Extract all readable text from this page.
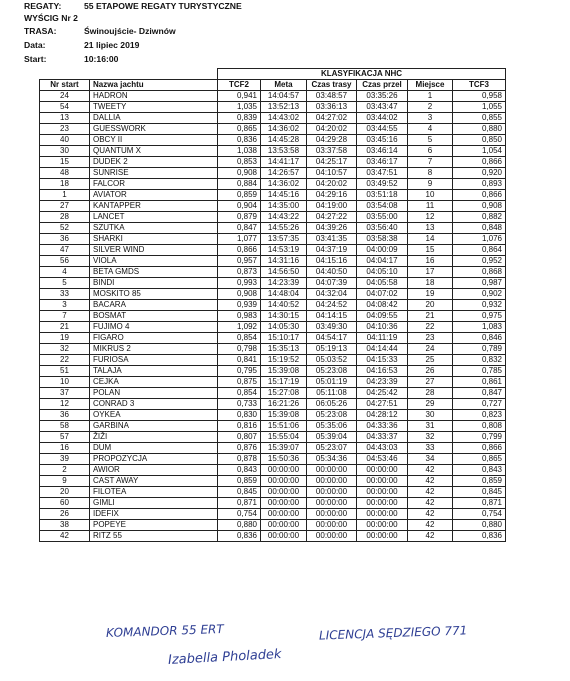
REGATY:	55 ETAPOWE REGATY TURYSTYCZNE
WYŚCIG Nr 2
TRASA:	Świnoujście- Dziwnów
Data:	21 lipiec 2019
Start:	10:16:00
		KLASYFIKACJA NHC					
Nr start	Nazwa jachtu	TCF2	Meta	Czas trasy	Czas przel	Miejsce	TCF3
24	HADRON	0,941	14:04:57	03:48:57	03:35:26	1	0,958
54	TWEETY	1,035	13:52:13	03:36:13	03:43:47	2	1,055
13	DALLIA	0,839	14:43:02	04:27:02	03:44:02	3	0,855
23	GUESSWORK	0,865	14:36:02	04:20:02	03:44:55	4	0,880
40	OBCY II	0,836	14:45:28	04:29:28	03:45:16	5	0,850
30	QUANTUM X	1,038	13:53:58	03:37:58	03:46:14	6	1,054
15	DUDEK 2	0,853	14:41:17	04:25:17	03:46:17	7	0,866
48	SUNRISE	0,908	14:26:57	04:10:57	03:47:51	8	0,920
18	FALCOR	0,884	14:36:02	04:20:02	03:49:52	9	0,893
1	AVIATOR	0,859	14:45:16	04:29:16	03:51:18	10	0,866
27	KANTAPPER	0,904	14:35:00	04:19:00	03:54:08	11	0,908
28	LANCET	0,879	14:43:22	04:27:22	03:55:00	12	0,882
52	SZUTKA	0,847	14:55:26	04:39:26	03:56:40	13	0,848
36	SHARKI	1,077	13:57:35	03:41:35	03:58:38	14	1,076
47	SILVER WIND	0,866	14:53:19	04:37:19	04:00:09	15	0,864
56	VIOLA	0,957	14:31:16	04:15:16	04:04:17	16	0,952
4	BETA GMDS	0,873	14:56:50	04:40:50	04:05:10	17	0,868
5	BINDI	0,993	14:23:39	04:07:39	04:05:58	18	0,987
33	MOSKITO 85	0,908	14:48:04	04:32:04	04:07:02	19	0,902
3	BACARA	0,939	14:40:52	04:24:52	04:08:42	20	0,932
7	BOSMAT	0,983	14:30:15	04:14:15	04:09:55	21	0,975
21	FUJIMO 4	1,092	14:05:30	03:49:30	04:10:36	22	1,083
19	FIGARO	0,854	15:10:17	04:54:17	04:11:19	23	0,846
32	MIKRUS 2	0,798	15:35:13	05:19:13	04:14:44	24	0,789
22	FURIOSA	0,841	15:19:52	05:03:52	04:15:33	25	0,832
51	TALAJA	0,795	15:39:08	05:23:08	04:16:53	26	0,785
10	CEJKA	0,875	15:17:19	05:01:19	04:23:39	27	0,861
37	POLAN	0,854	15:27:08	05:11:08	04:25:42	28	0,847
12	CONRAD 3	0,733	16:21:26	06:05:26	04:27:51	29	0,727
36	OYKEA	0,830	15:39:08	05:23:08	04:28:12	30	0,823
58	GARBINA	0,816	15:51:06	05:35:06	04:33:36	31	0,808
57	ŽIŽI	0,807	15:55:04	05:39:04	04:33:37	32	0,799
16	DUM	0,876	15:39:07	05:23:07	04:43:03	33	0,866
39	PROPOZYCJA	0,878	15:50:36	05:34:36	04:53:46	34	0,865
2	AWIOR	0,843	00:00:00	00:00:00	00:00:00	42	0,843
9	CAST AWAY	0,859	00:00:00	00:00:00	00:00:00	42	0,859
20	FILOTEA	0,845	00:00:00	00:00:00	00:00:00	42	0,845
60	GIMLI	0,871	00:00:00	00:00:00	00:00:00	42	0,871
26	IDEFIX	0,754	00:00:00	00:00:00	00:00:00	42	0,754
38	POPEYE	0,880	00:00:00	00:00:00	00:00:00	42	0,880
42	RITZ 55	0,836	00:00:00	00:00:00	00:00:00	42	0,836
KOMANDOR 55 ERT	LICENCJA SĘDZIEGO 771
Izabella Pholadek
